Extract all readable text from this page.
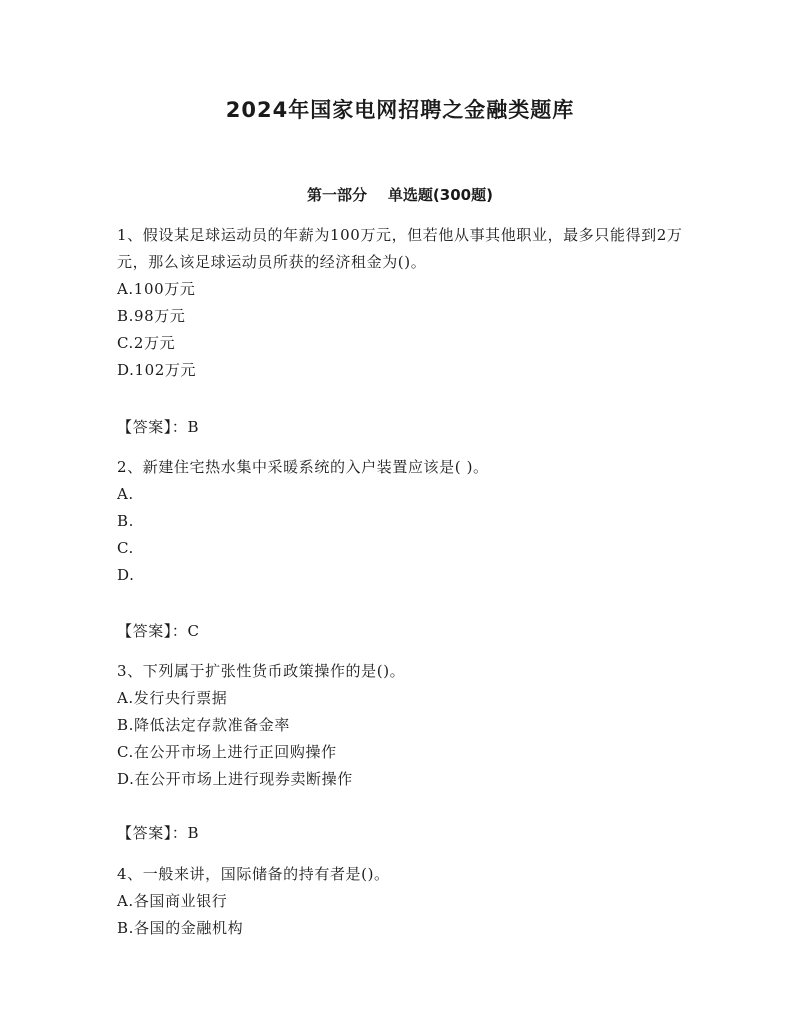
2024年国家电网招聘之金融类题库
第一部分    单选题(300题)
1、假设某足球运动员的年薪为100万元，但若他从事其他职业，最多只能得到2万元，那么该足球运动员所获的经济租金为()。
A.100万元
B.98万元
C.2万元
D.102万元
【答案】：B
2、新建住宅热水集中采暖系统的入户装置应该是( )。
A.
B.
C.
D.
【答案】：C
3、下列属于扩张性货币政策操作的是()。
A.发行央行票据
B.降低法定存款准备金率
C.在公开市场上进行正回购操作
D.在公开市场上进行现券卖断操作
【答案】：B
4、一般来讲，国际储备的持有者是()。
A.各国商业银行
B.各国的金融机构
